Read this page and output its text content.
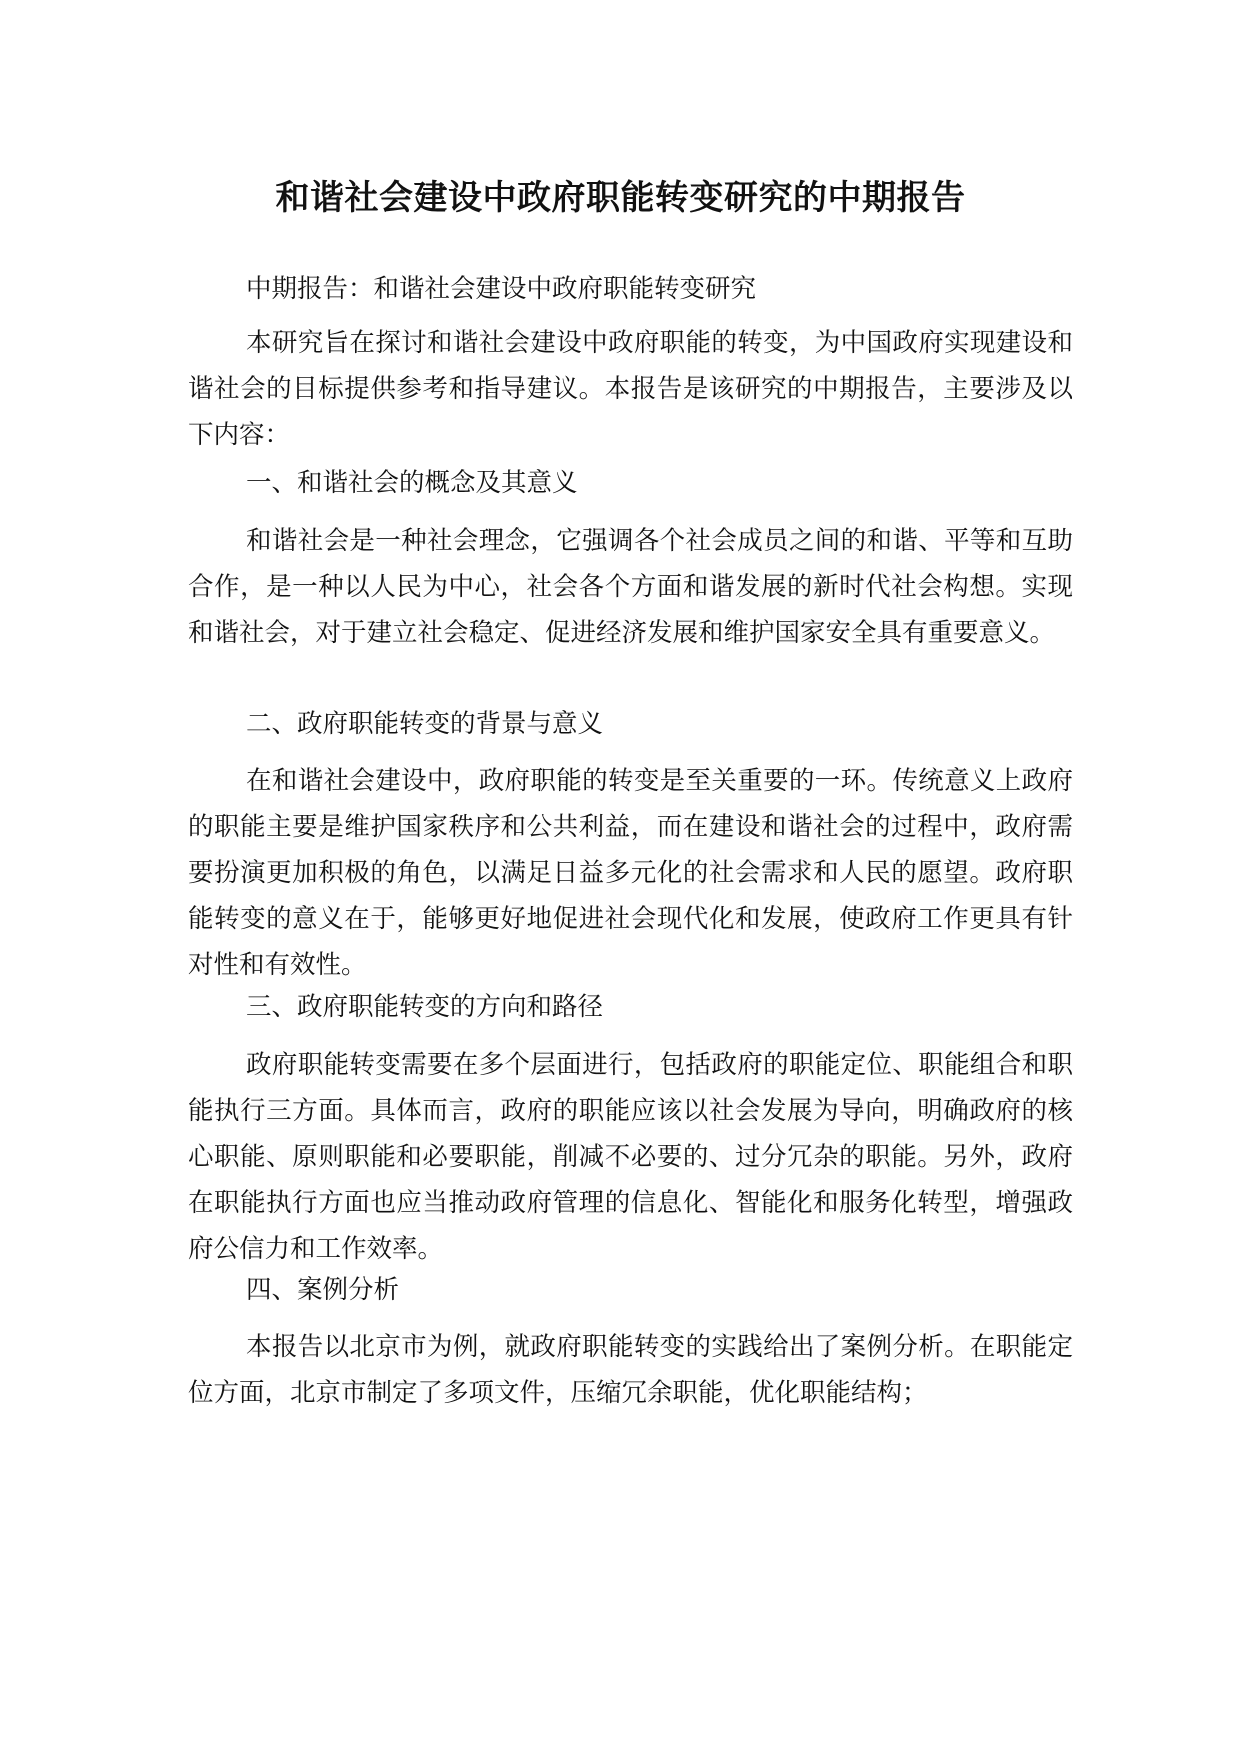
和谐社会建设中政府职能转变研究的中期报告

中期报告：和谐社会建设中政府职能转变研究

本研究旨在探讨和谐社会建设中政府职能的转变，为中国政府实现建设和谐社会的目标提供参考和指导建议。本报告是该研究的中期报告，主要涉及以下内容：

一、和谐社会的概念及其意义

和谐社会是一种社会理念，它强调各个社会成员之间的和谐、平等和互助合作，是一种以人民为中心，社会各个方面和谐发展的新时代社会构想。实现和谐社会，对于建立社会稳定、促进经济发展和维护国家安全具有重要意义。

二、政府职能转变的背景与意义

在和谐社会建设中，政府职能的转变是至关重要的一环。传统意义上政府的职能主要是维护国家秩序和公共利益，而在建设和谐社会的过程中，政府需要扮演更加积极的角色，以满足日益多元化的社会需求和人民的愿望。政府职能转变的意义在于，能够更好地促进社会现代化和发展，使政府工作更具有针对性和有效性。

三、政府职能转变的方向和路径

政府职能转变需要在多个层面进行，包括政府的职能定位、职能组合和职能执行三方面。具体而言，政府的职能应该以社会发展为导向，明确政府的核心职能、原则职能和必要职能，削减不必要的、过分冗杂的职能。另外，政府在职能执行方面也应当推动政府管理的信息化、智能化和服务化转型，增强政府公信力和工作效率。

四、案例分析

本报告以北京市为例，就政府职能转变的实践给出了案例分析。在职能定位方面，北京市制定了多项文件，压缩冗余职能，优化职能结构；
